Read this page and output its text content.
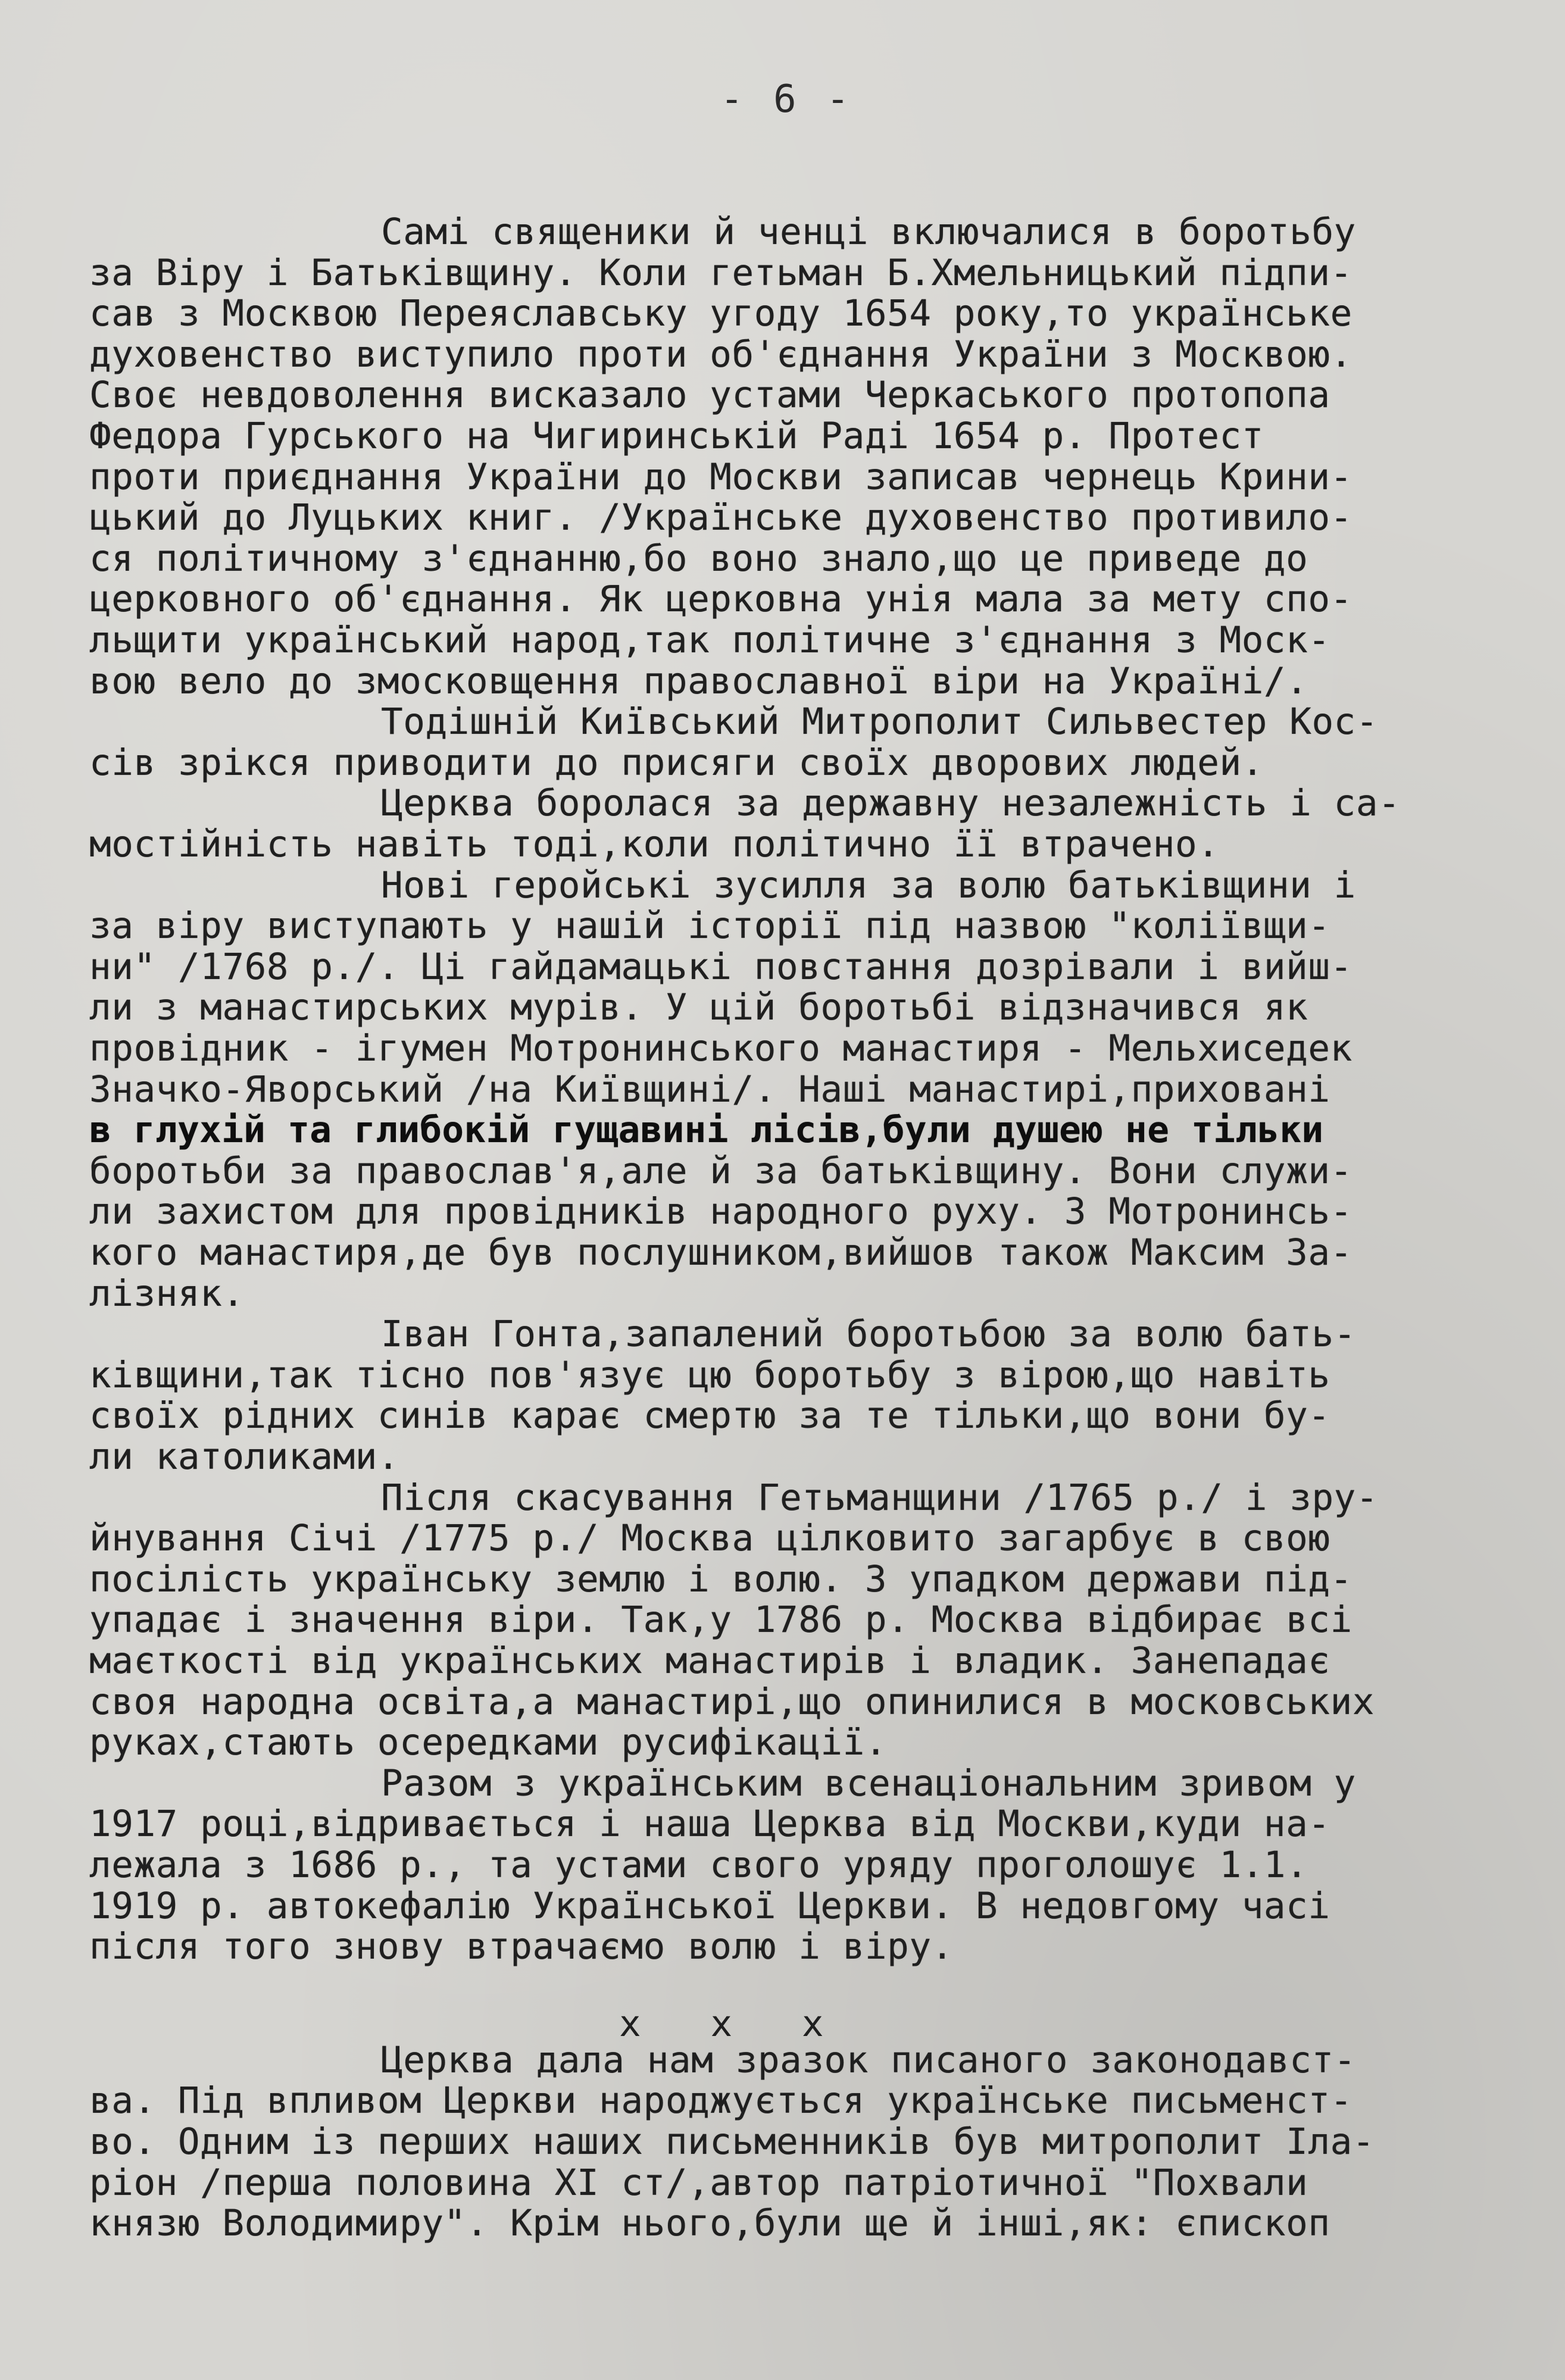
- 6 -
Самі священики й ченці включалися в боротьбу
за Віру і Батьківщину. Коли гетьман Б.Хмельницький підпи-
сав з Москвою Переяславську угоду 1654 року,то українське
духовенство виступило проти об'єднання України з Москвою.
Своє невдоволення висказало устами Черкаського протопопа
Федора Гурського на Чигиринській Раді 1654 р. Протест
проти приєднання України до Москви записав чернець Крини-
цький до Луцьких книг. /Українське духовенство противило-
ся політичному з'єднанню,бо воно знало,що це приведе до
церковного об'єднання. Як церковна унія мала за мету спо-
льщити український народ,так політичне з'єднання з Моск-
вою вело до змосковщення православної віри на Україні/.
Тодішній Київський Митрополит Сильвестер Кос-
сів зрікся приводити до присяги своїх дворових людей.
Церква боролася за державну незалежність і са-
мостійність навіть тоді,коли політично її втрачено.
Нові геройські зусилля за волю батьківщини і
за віру виступають у нашій історії під назвою "коліївщи-
ни" /1768 р./. Ці гайдамацькі повстання дозрівали і вийш-
ли з манастирських мурів. У цій боротьбі відзначився як
провідник - ігумен Мотронинського манастиря - Мельхиседек
Значко-Яворський /на Київщині/. Наші манастирі,приховані
в глухій та глибокій гущавині лісів,були душею не тільки
боротьби за православ'я,але й за батьківщину. Вони служи-
ли захистом для провідників народного руху. З Мотронинсь-
кого манастиря,де був послушником,вийшов також Максим За-
лізняк.
Іван Гонта,запалений боротьбою за волю бать-
ківщини,так тісно пов'язує цю боротьбу з вірою,що навіть
своїх рідних синів карає смертю за те тільки,що вони бу-
ли католиками.
Після скасування Гетьманщини /1765 р./ і зру-
йнування Січі /1775 р./ Москва цілковито загарбує в свою
посілість українську землю і волю. З упадком держави під-
упадає і значення віри. Так,у 1786 р. Москва відбирає всі
маєткості від українських манастирів і владик. Занепадає
своя народна освіта,а манастирі,що опинилися в московських
руках,стають осередками русифікації.
Разом з українським всенаціональним зривом у
1917 році,відривається і наша Церква від Москви,куди на-
лежала з 1686 р., та устами свого уряду проголошує 1.1.
1919 р. автокефалію Української Церкви. В недовгому часі
після того знову втрачаємо волю і віру.
Церква дала нам зразок писаного законодавст-
ва. Під впливом Церкви народжується українське письменст-
во. Одним із перших наших письменників був митрополит Іла-
ріон /перша половина XI ст/,автор патріотичної "Похвали
князю Володимиру". Крім нього,були ще й інші,як: єпископ
x x x
